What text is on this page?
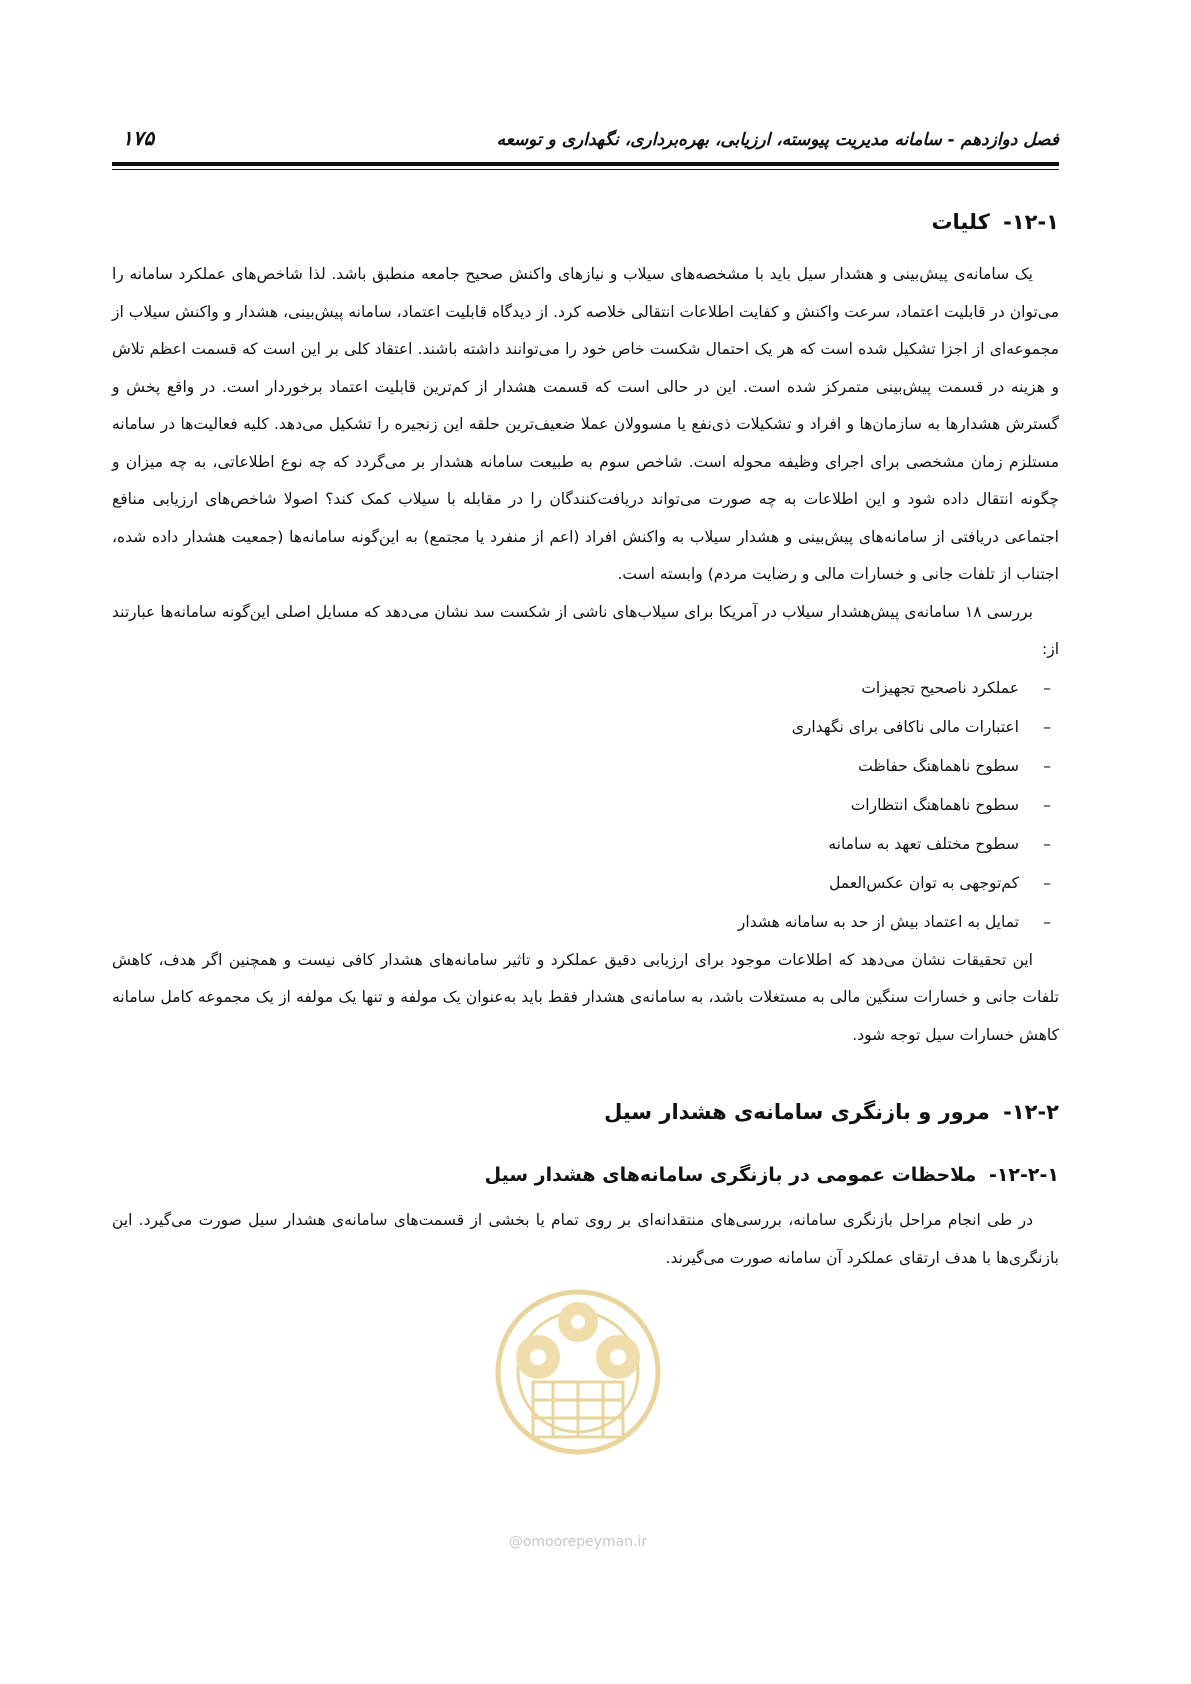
فصل دوازدهم - سامانه مدیریت پیوسته، ارزیابی، بهره‌برداری، نگهداری و توسعه
۱۷۵
۱۲-۱- کلیات

یک سامانه‌ی پیش‌بینی و هشدار سیل باید با مشخصه‌های سیلاب و نیازهای واکنش صحیح جامعه منطبق باشد. لذا شاخص‌های عملکرد سامانه را می‌توان در قابلیت اعتماد، سرعت واکنش و کفایت اطلاعات انتقالی خلاصه کرد. از دیدگاه قابلیت اعتماد، سامانه پیش‌بینی، هشدار و واکنش سیلاب از مجموعه‌ای از اجزا تشکیل شده است که هر یک احتمال شکست خاص خود را می‌توانند داشته باشند. اعتقاد کلی بر این است که قسمت اعظم تلاش و هزینه در قسمت پیش‌بینی متمرکز شده است. این در حالی است که قسمت هشدار از کم‌ترین قابلیت اعتماد برخوردار است. در واقع پخش و گسترش هشدارها به سازمان‌ها و افراد و تشکیلات ذی‌نفع یا مسوولان عملا ضعیف‌ترین حلقه این زنجیره را تشکیل می‌دهد. کلیه فعالیت‌ها در سامانه مستلزم زمان مشخصی برای اجرای وظیفه محوله است. شاخص سوم به طبیعت سامانه هشدار بر می‌گردد که چه نوع اطلاعاتی، به چه میزان و چگونه انتقال داده شود و این اطلاعات به چه صورت می‌تواند دریافت‌کنندگان را در مقابله با سیلاب کمک کند؟ اصولا شاخص‌های ارزیابی منافع اجتماعی دریافتی از سامانه‌های پیش‌بینی و هشدار سیلاب به واکنش افراد (اعم از منفرد یا مجتمع) به این‌گونه سامانه‌ها (جمعیت هشدار داده شده، اجتناب از تلفات جانی و خسارات مالی و رضایت مردم) وابسته است.

بررسی ۱۸ سامانه‌ی پیش‌هشدار سیلاب در آمریکا برای سیلاب‌های ناشی از شکست سد نشان می‌دهد که مسایل اصلی این‌گونه سامانه‌ها عبارتند از:

–عملکرد ناصحیح تجهیزات
–اعتبارات مالی ناکافی برای نگهداری
–سطوح ناهماهنگ حفاظت
–سطوح ناهماهنگ انتظارات
–سطوح مختلف تعهد به سامانه
–کم‌توجهی به توان عکس‌العمل
–تمایل به اعتماد بیش از حد به سامانه هشدار

این تحقیقات نشان می‌دهد که اطلاعات موجود برای ارزیابی دقیق عملکرد و تاثیر سامانه‌های هشدار کافی نیست و همچنین اگر هدف، کاهش تلفات جانی و خسارات سنگین مالی به مستغلات باشد، به سامانه‌ی هشدار فقط باید به‌عنوان یک مولفه و تنها یک مولفه از یک مجموعه کامل سامانه کاهش خسارات سیل توجه شود.

۱۲-۲- مرور و بازنگری سامانه‌ی هشدار سیل
۱۲-۲-۱- ملاحظات عمومی در بازنگری سامانه‌های هشدار سیل

در طی انجام مراحل بازنگری سامانه، بررسی‌های منتقدانه‌ای بر روی تمام یا بخشی از قسمت‌های سامانه‌ی هشدار سیل صورت می‌گیرد. این بازنگری‌ها با هدف ارتقای عملکرد آن سامانه صورت می‌گیرند.

@omoorepeyman.ir
